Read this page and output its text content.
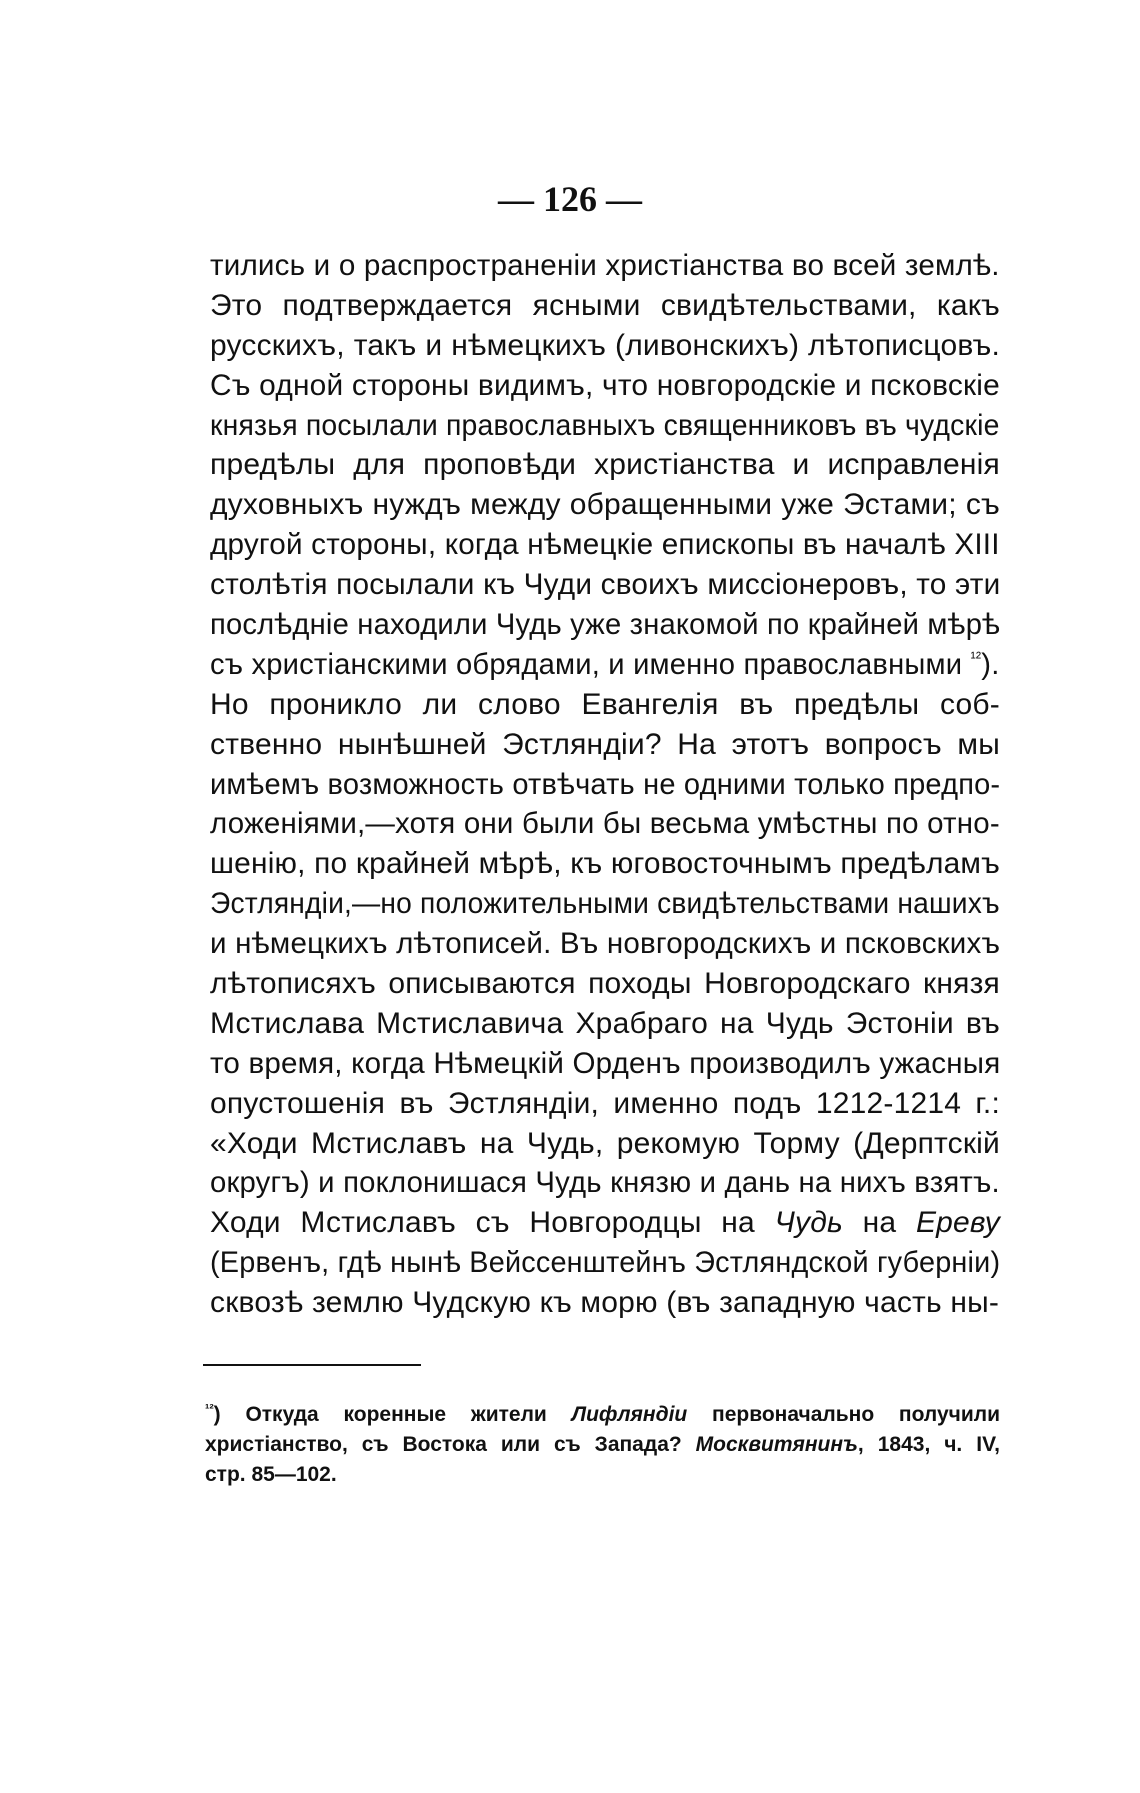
— 126 —
тились и о распространеніи христіанства во всей землѣ.
Это подтверждается ясными свидѣтельствами, какъ
русскихъ, такъ и нѣмецкихъ (ливонскихъ) лѣтописцовъ.
Съ одной стороны видимъ, что новгородскіе и псковскіе
князья посылали православныхъ священниковъ въ чудскіе
предѣлы для проповѣди христіанства и исправленія
духовныхъ нуждъ между обращенными уже Эстами; съ
другой стороны, когда нѣмецкіе епископы въ началѣ XIII
столѣтія посылали къ Чуди своихъ миссіонеровъ, то эти
послѣдніе находили Чудь уже знакомой по крайней мѣрѣ
съ христіанскими обрядами, и именно православными $^{^{12}}$).
Но проникло ли слово Евангелія въ предѣлы соб-
ственно нынѣшней Эстляндіи? На этотъ вопросъ мы
имѣемъ возможность отвѣчать не одними только предпо-
ложеніями,—хотя они были бы весьма умѣстны по отно-
шенію, по крайней мѣрѣ, къ юговосточнымъ предѣламъ
Эстляндіи,—но положительными свидѣтельствами нашихъ
и нѣмецкихъ лѣтописей. Въ новгородскихъ и псковскихъ
лѣтописяхъ описываются походы Новгородскаго князя
Мстислава Мстиславича Храбраго на Чудь Эстоніи въ
то время, когда Нѣмецкій Орденъ производилъ ужасныя
опустошенія въ Эстляндіи, именно подъ 1212-1214 г.:
«Ходи Мстиславъ на Чудь, рекомую Торму (Дерптскій
округъ) и поклонишася Чудь князю и дань на нихъ взятъ.
Ходи Мстиславъ съ Новгородцы на Чудь на Ереву
(Ервенъ, гдѣ нынѣ Вейссенштейнъ Эстляндской губерніи)
сквозѣ землю Чудскую къ морю (въ западную часть ны-
$^{^{12}}$) Откуда коренные жители Лифляндіи первоначально получили
христіанство, съ Востока или съ Запада? Москвитянинъ, 1843, ч. IV,
стр. 85—102.
